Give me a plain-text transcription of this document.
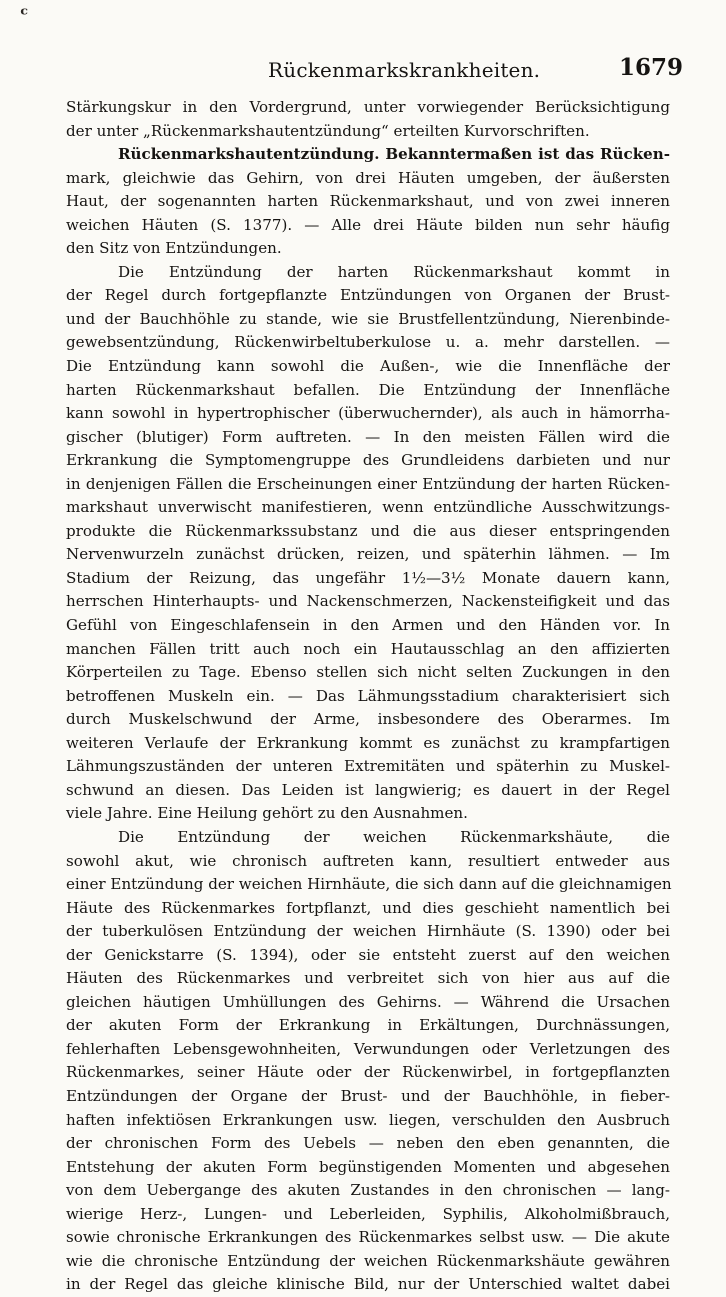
ᶜ
Rückenmarkskrankheiten.	1679
Stärkungskur in den Vordergrund, unter vorwiegender Berücksichtigung
der unter „Rückenmarkshautentzündung“ erteilten Kurvorschriften.
Rückenmarkshautentzündung. Bekanntermaßen ist das Rücken-
mark, gleichwie das Gehirn, von drei Häuten umgeben, der äußersten
Haut, der sogenannten harten Rückenmarkshaut, und von zwei inneren
weichen Häuten (S. 1377). — Alle drei Häute bilden nun sehr häufig
den Sitz von Entzündungen.
Die Entzündung der harten Rückenmarkshaut kommt in
der Regel durch fortgepflanzte Entzündungen von Organen der Brust-
und der Bauchhöhle zu stande, wie sie Brustfellentzündung, Nierenbinde-
gewebsentzündung, Rückenwirbeltuberkulose u. a. mehr darstellen. —
Die Entzündung kann sowohl die Außen-, wie die Innenfläche der
harten Rückenmarkshaut befallen. Die Entzündung der Innenfläche
kann sowohl in hypertrophischer (überwuchernder), als auch in hämorrha-
gischer (blutiger) Form auftreten. — In den meisten Fällen wird die
Erkrankung die Symptomengruppe des Grundleidens darbieten und nur
in denjenigen Fällen die Erscheinungen einer Entzündung der harten Rücken-
markshaut unverwischt manifestieren, wenn entzündliche Ausschwitzungs-
produkte die Rückenmarkssubstanz und die aus dieser entspringenden
Nervenwurzeln zunächst drücken, reizen, und späterhin lähmen. — Im
Stadium der Reizung, das ungefähr 1½—3½ Monate dauern kann,
herrschen Hinterhaupts- und Nackenschmerzen, Nackensteifigkeit und das
Gefühl von Eingeschlafensein in den Armen und den Händen vor. In
manchen Fällen tritt auch noch ein Hautausschlag an den affizierten
Körperteilen zu Tage. Ebenso stellen sich nicht selten Zuckungen in den
betroffenen Muskeln ein. — Das Lähmungsstadium charakterisiert sich
durch Muskelschwund der Arme, insbesondere des Oberarmes. Im
weiteren Verlaufe der Erkrankung kommt es zunächst zu krampfartigen
Lähmungszuständen der unteren Extremitäten und späterhin zu Muskel-
schwund an diesen. Das Leiden ist langwierig; es dauert in der Regel
viele Jahre. Eine Heilung gehört zu den Ausnahmen.
Die Entzündung der weichen Rückenmarkshäute, die
sowohl akut, wie chronisch auftreten kann, resultiert entweder aus
einer Entzündung der weichen Hirnhäute, die sich dann auf die gleichnamigen
Häute des Rückenmarkes fortpflanzt, und dies geschieht namentlich bei
der tuberkulösen Entzündung der weichen Hirnhäute (S. 1390) oder bei
der Genickstarre (S. 1394), oder sie entsteht zuerst auf den weichen
Häuten des Rückenmarkes und verbreitet sich von hier aus auf die
gleichen häutigen Umhüllungen des Gehirns. — Während die Ursachen
der akuten Form der Erkrankung in Erkältungen, Durchnässungen,
fehlerhaften Lebensgewohnheiten, Verwundungen oder Verletzungen des
Rückenmarkes, seiner Häute oder der Rückenwirbel, in fortgepflanzten
Entzündungen der Organe der Brust- und der Bauchhöhle, in fieber-
haften infektiösen Erkrankungen usw. liegen, verschulden den Ausbruch
der chronischen Form des Uebels — neben den eben genannten, die
Entstehung der akuten Form begünstigenden Momenten und abgesehen
von dem Uebergange des akuten Zustandes in den chronischen — lang-
wierige Herz-, Lungen- und Leberleiden, Syphilis, Alkoholmißbrauch,
sowie chronische Erkrankungen des Rückenmarkes selbst usw. — Die akute
wie die chronische Entzündung der weichen Rückenmarkshäute gewähren
in der Regel das gleiche klinische Bild, nur der Unterschied waltet dabei
